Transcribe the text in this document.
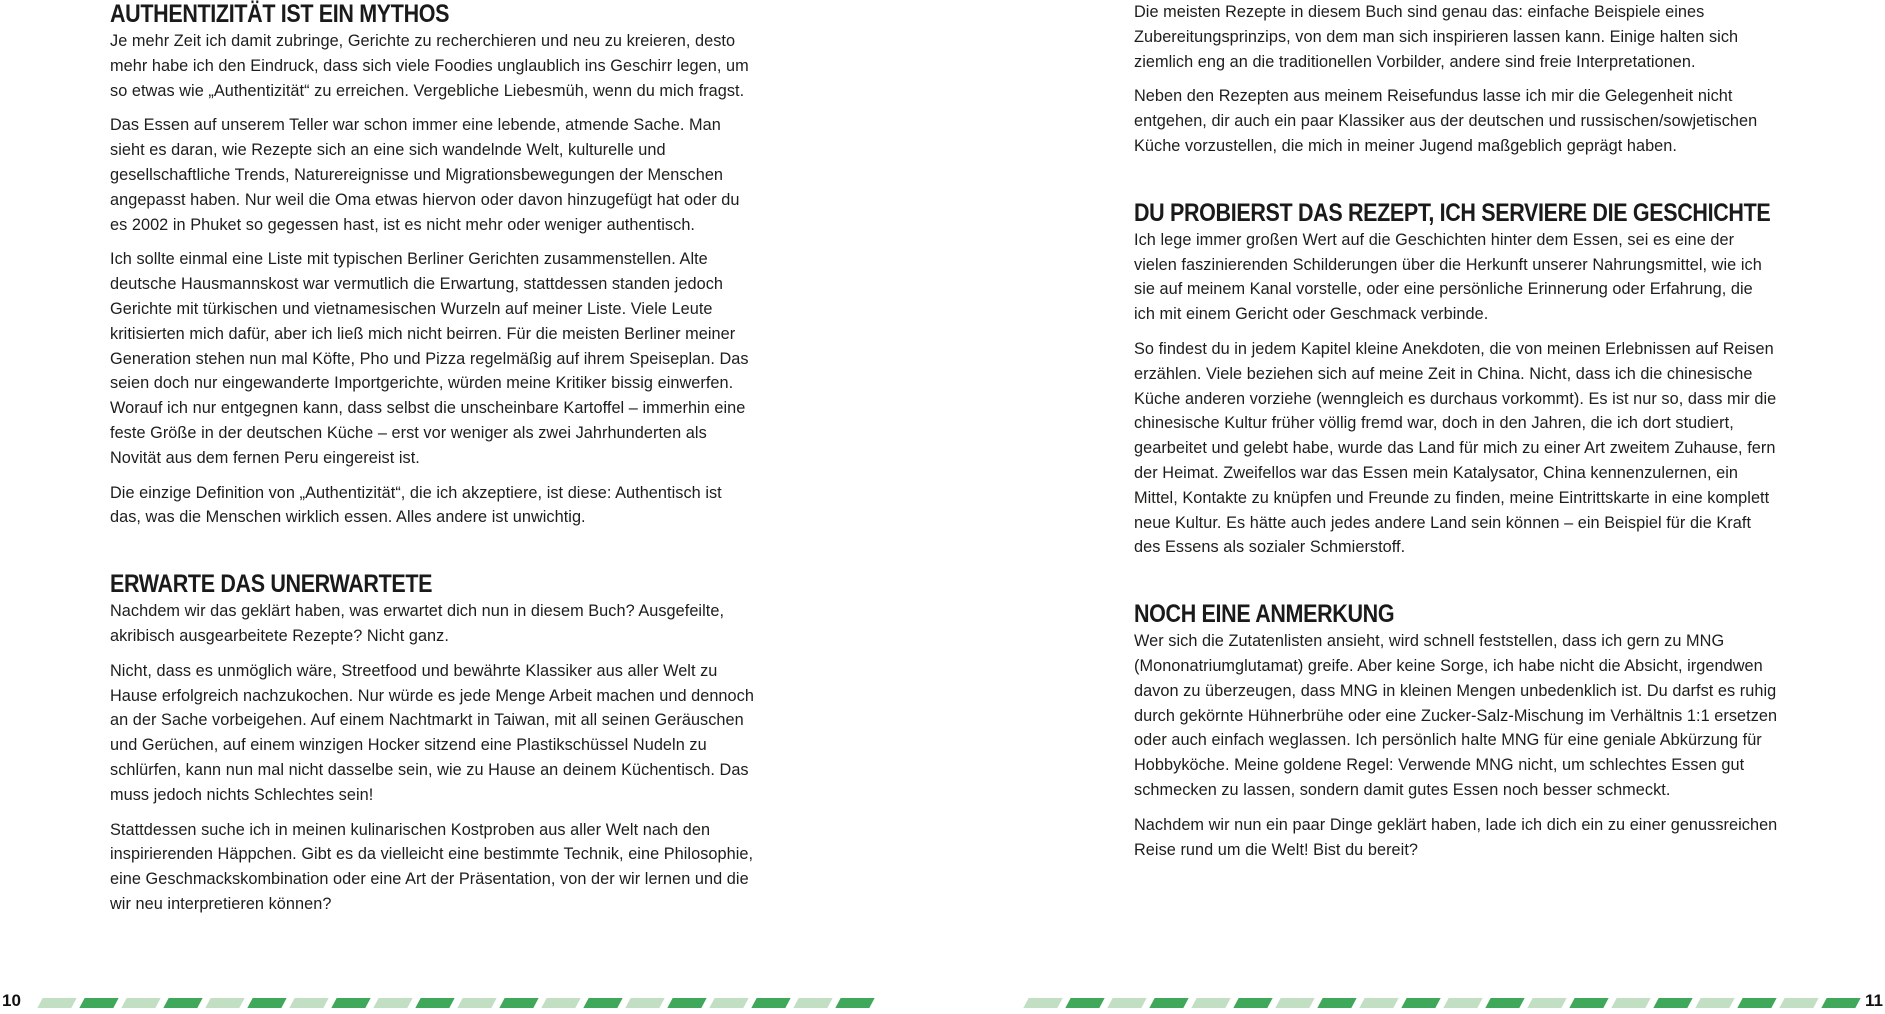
AUTHENTIZITÄT IST EIN MYTHOS

Je mehr Zeit ich damit zubringe, Gerichte zu recherchieren und neu zu kreieren, desto mehr habe ich den Eindruck, dass sich viele Foodies unglaublich ins Geschirr legen, um so etwas wie „Authentizität“ zu erreichen. Vergebliche Liebesmüh, wenn du mich fragst.

Das Essen auf unserem Teller war schon immer eine lebende, atmende Sache. Man sieht es daran, wie Rezepte sich an eine sich wandelnde Welt, kulturelle und gesellschaftliche Trends, Naturereignisse und Migrationsbewegungen der Menschen angepasst haben. Nur weil die Oma etwas hiervon oder davon hinzugefügt hat oder du es 2002 in Phuket so gegessen hast, ist es nicht mehr oder weniger authentisch.

Ich sollte einmal eine Liste mit typischen Berliner Gerichten zusammenstellen. Alte deutsche Hausmannskost war vermutlich die Erwartung, stattdessen standen jedoch Gerichte mit türkischen und vietnamesischen Wurzeln auf meiner Liste. Viele Leute kritisierten mich dafür, aber ich ließ mich nicht beirren. Für die meisten Berliner meiner Generation stehen nun mal Köfte, Pho und Pizza regelmäßig auf ihrem Speiseplan. Das seien doch nur eingewanderte Importgerichte, würden meine Kritiker bissig einwerfen. Worauf ich nur entgegnen kann, dass selbst die unscheinbare Kartoffel – immerhin eine feste Größe in der deutschen Küche – erst vor weniger als zwei Jahrhunderten als Novität aus dem fernen Peru eingereist ist.

Die einzige Definition von „Authentizität“, die ich akzeptiere, ist diese: Authentisch ist das, was die Menschen wirklich essen. Alles andere ist unwichtig.

ERWARTE DAS UNERWARTETE

Nachdem wir das geklärt haben, was erwartet dich nun in diesem Buch? Ausgefeilte, akribisch ausgearbeitete Rezepte? Nicht ganz.

Nicht, dass es unmöglich wäre, Streetfood und bewährte Klassiker aus aller Welt zu Hause erfolgreich nachzukochen. Nur würde es jede Menge Arbeit machen und dennoch an der Sache vorbeigehen. Auf einem Nachtmarkt in Taiwan, mit all seinen Geräuschen und Gerüchen, auf einem winzigen Hocker sitzend eine Plastikschüssel Nudeln zu schlürfen, kann nun mal nicht dasselbe sein, wie zu Hause an deinem Küchentisch. Das muss jedoch nichts Schlechtes sein!

Stattdessen suche ich in meinen kulinarischen Kostproben aus aller Welt nach den inspirierenden Häppchen. Gibt es da vielleicht eine bestimmte Technik, eine Philosophie, eine Geschmackskombination oder eine Art der Präsentation, von der wir lernen und die wir neu interpretieren können?

Die meisten Rezepte in diesem Buch sind genau das: einfache Beispiele eines Zubereitungsprinzips, von dem man sich inspirieren lassen kann. Einige halten sich ziemlich eng an die traditionellen Vorbilder, andere sind freie Interpretationen.

Neben den Rezepten aus meinem Reisefundus lasse ich mir die Gelegenheit nicht entgehen, dir auch ein paar Klassiker aus der deutschen und russischen/sowjetischen Küche vorzustellen, die mich in meiner Jugend maßgeblich geprägt haben.

DU PROBIERST DAS REZEPT, ICH SERVIERE DIE GESCHICHTE

Ich lege immer großen Wert auf die Geschichten hinter dem Essen, sei es eine der vielen faszinierenden Schilderungen über die Herkunft unserer Nahrungsmittel, wie ich sie auf meinem Kanal vorstelle, oder eine persönliche Erinnerung oder Erfahrung, die ich mit einem Gericht oder Geschmack verbinde.

So findest du in jedem Kapitel kleine Anekdoten, die von meinen Erlebnissen auf Reisen erzählen. Viele beziehen sich auf meine Zeit in China. Nicht, dass ich die chinesische Küche anderen vorziehe (wenngleich es durchaus vorkommt). Es ist nur so, dass mir die chinesische Kultur früher völlig fremd war, doch in den Jahren, die ich dort studiert, gearbeitet und gelebt habe, wurde das Land für mich zu einer Art zweitem Zuhause, fern der Heimat. Zweifellos war das Essen mein Katalysator, China kennenzulernen, ein Mittel, Kontakte zu knüpfen und Freunde zu finden, meine Eintrittskarte in eine komplett neue Kultur. Es hätte auch jedes andere Land sein können – ein Beispiel für die Kraft des Essens als sozialer Schmierstoff.

NOCH EINE ANMERKUNG

Wer sich die Zutatenlisten ansieht, wird schnell feststellen, dass ich gern zu MNG (Mononatriumglutamat) greife. Aber keine Sorge, ich habe nicht die Absicht, irgendwen davon zu überzeugen, dass MNG in kleinen Mengen unbedenklich ist. Du darfst es ruhig durch gekörnte Hühnerbrühe oder eine Zucker-Salz-Mischung im Verhältnis 1:1 ersetzen oder auch einfach weglassen. Ich persönlich halte MNG für eine geniale Abkürzung für Hobbyköche. Meine goldene Regel: Verwende MNG nicht, um schlechtes Essen gut schmecken zu lassen, sondern damit gutes Essen noch besser schmeckt.

Nachdem wir nun ein paar Dinge geklärt haben, lade ich dich ein zu einer genussreichen Reise rund um die Welt! Bist du bereit?

10	11
